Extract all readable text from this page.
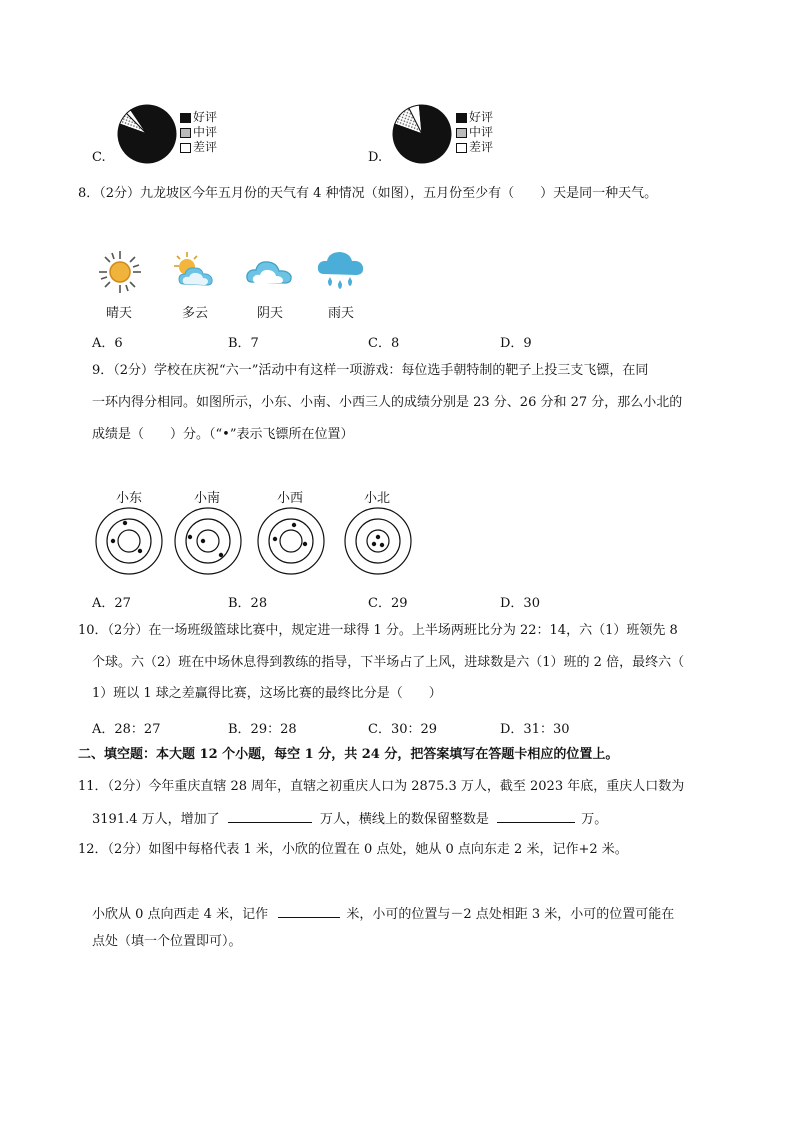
C.
好评
中评
差评
D.
好评
中评
差评
8．（2分）九龙坡区今年五月份的天气有 4 种情况（如图），五月份至少有（　　）天是同一种天气。
晴天	多云	阴天	雨天
A．6	B．7	C．8	D．9
9．（2分）学校在庆祝“六一”活动中有这样一项游戏：每位选手朝特制的靶子上投三支飞镖，在同
一环内得分相同。如图所示，小东、小南、小西三人的成绩分别是 23 分、26 分和 27 分，那么小北的
成绩是（　　）分。（“•”表示飞镖所在位置）
小东	小南	小西	小北
A．27	B．28	C．29	D．30
10．（2分）在一场班级篮球比赛中，规定进一球得 1 分。上半场两班比分为 22：14，六（1）班领先 8
个球。六（2）班在中场休息得到教练的指导，下半场占了上风，进球数是六（1）班的 2 倍，最终六（
1）班以 1 球之差赢得比赛，这场比赛的最终比分是（　　）
A．28：27	B．29：28	C．30：29	D．31：30
二、填空题：本大题 12 个小题，每空 1 分，共 24 分，把答案填写在答题卡相应的位置上。
11．（2分）今年重庆直辖 28 周年，直辖之初重庆人口为 2875.3 万人，截至 2023 年底，重庆人口数为
3191.4 万人，增加了	万人，横线上的数保留整数是	万。
12．（2分）如图中每格代表 1 米，小欣的位置在 0 点处，她从 0 点向东走 2 米，记作+2 米。
小欣从 0 点向西走 4 米，记作	米，小可的位置与－2 点处相距 3 米，小可的位置可能在
点处（填一个位置即可）。
